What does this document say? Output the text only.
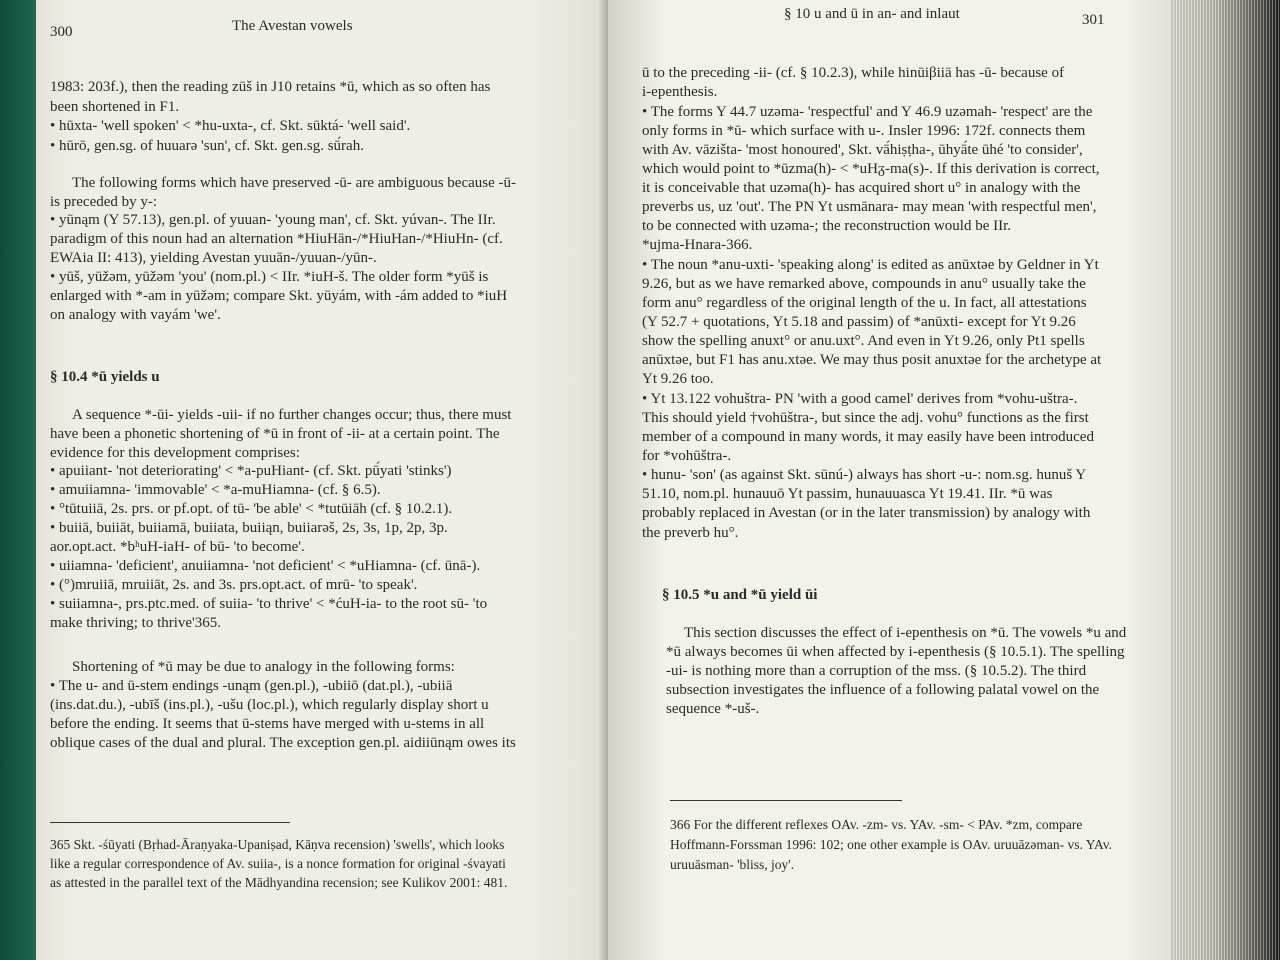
300	The Avestan vowels
1983: 203f.), then the reading zūš in J10 retains *ū, which as so often has
been shortened in F1.
• hūxta- 'well spoken' < *hu-uxta-, cf. Skt. sūktá- 'well said'.
• hūrō, gen.sg. of huuarə 'sun', cf. Skt. gen.sg. sū́rah.
The following forms which have preserved -ū- are ambiguous because -ū-
is preceded by y-:
• yūnąm (Y 57.13), gen.pl. of yuuan- 'young man', cf. Skt. yúvan-. The IIr.
paradigm of this noun had an alternation *HiuHān-/*HiuHan-/*HiuHn- (cf.
EWAia II: 413), yielding Avestan yuuān-/yuuan-/yūn-.
• yūš, yūžəm, yūžəm 'you' (nom.pl.) < IIr. *iuH-š. The older form *yūš is
enlarged with *-am in yūžəm; compare Skt. yūyám, with -ám added to *iuH
on analogy with vayám 'we'.
§ 10.4 *ū yields u
A sequence *-ūi- yields -uii- if no further changes occur; thus, there must
have been a phonetic shortening of *ū in front of -ii- at a certain point. The
evidence for this development comprises:
• apuiiant- 'not deteriorating' < *a-puHiant- (cf. Skt. pū́yati 'stinks')
• amuiiamna- 'immovable' < *a-muHiamna- (cf. § 6.5).
• °tūtuiiā, 2s. prs. or pf.opt. of tū- 'be able' < *tutūiāh (cf. § 10.2.1).
• buiiā, buiiāt, buiiamā, buiiata, buiiąn, buiiarəš, 2s, 3s, 1p, 2p, 3p.
aor.opt.act. *bʰuH-iaH- of bū- 'to become'.
• uiiamna- 'deficient', anuiiamna- 'not deficient' < *uHiamna- (cf. ūnā-).
• (°)mruiiā, mruiiāt, 2s. and 3s. prs.opt.act. of mrū- 'to speak'.
• suiiamna-, prs.ptc.med. of suiia- 'to thrive' < *ćuH-ia- to the root sū- 'to
make thriving; to thrive'365.
Shortening of *ū may be due to analogy in the following forms:
• The u- and ū-stem endings -unąm (gen.pl.), -ubiiō (dat.pl.), -ubiiā
(ins.dat.du.), -ubīš (ins.pl.), -ušu (loc.pl.), which regularly display short u
before the ending. It seems that ū-stems have merged with u-stems in all
oblique cases of the dual and plural. The exception gen.pl. aidiiūnąm owes its
365 Skt. -śūyati (Bṛhad-Āraṇyaka-Upaniṣad, Kāṇva recension) 'swells', which looks
like a regular correspondence of Av. suiia-, is a nonce formation for original -śvayati
as attested in the parallel text of the Mādhyandina recension; see Kulikov 2001: 481.
§ 10 u and ū in an- and inlaut	301
ū to the preceding -ii- (cf. § 10.2.3), while hinūiβiiā has -ū- because of
i-epenthesis.
• The forms Y 44.7 uzəma- 'respectful' and Y 46.9 uzəmah- 'respect' are the
only forms in *ū- which surface with u-. Insler 1996: 172f. connects them
with Av. vāzišta- 'most honoured', Skt. vā́hiṣṭha-, ūhyā́te ūhé 'to consider',
which would point to *ūzma(h)- < *uHᵹ-ma(s)-. If this derivation is correct,
it is conceivable that uzəma(h)- has acquired short u° in analogy with the
preverbs us, uz 'out'. The PN Yt usmānara- may mean 'with respectful men',
to be connected with uzəma-; the reconstruction would be IIr.
*ujma-Hnara-366.
• The noun *anu-uxti- 'speaking along' is edited as anūxtəe by Geldner in Yt
9.26, but as we have remarked above, compounds in anu° usually take the
form anu° regardless of the original length of the u. In fact, all attestations
(Y 52.7 + quotations, Yt 5.18 and passim) of *anūxti- except for Yt 9.26
show the spelling anuxt° or anu.uxt°. And even in Yt 9.26, only Pt1 spells
anūxtəe, but F1 has anu.xtəe. We may thus posit anuxtəe for the archetype at
Yt 9.26 too.
• Yt 13.122 vohuštra- PN 'with a good camel' derives from *vohu-uštra-.
This should yield †vohūštra-, but since the adj. vohu° functions as the first
member of a compound in many words, it may easily have been introduced
for *vohūštra-.
• hunu- 'son' (as against Skt. sūnú-) always has short -u-: nom.sg. hunuš Y
51.10, nom.pl. hunauuō Yt passim, hunauuasca Yt 19.41. IIr. *ū was
probably replaced in Avestan (or in the later transmission) by analogy with
the preverb hu°.
§ 10.5 *u and *ū yield ūi
This section discusses the effect of i-epenthesis on *ū. The vowels *u and
*ū always becomes ūi when affected by i-epenthesis (§ 10.5.1). The spelling
-ui- is nothing more than a corruption of the mss. (§ 10.5.2). The third
subsection investigates the influence of a following palatal vowel on the
sequence *-uš-.
366 For the different reflexes OAv. -zm- vs. YAv. -sm- < PAv. *zm, compare
Hoffmann-Forssman 1996: 102; one other example is OAv. uruuāzəman- vs. YAv.
uruuāsman- 'bliss, joy'.
